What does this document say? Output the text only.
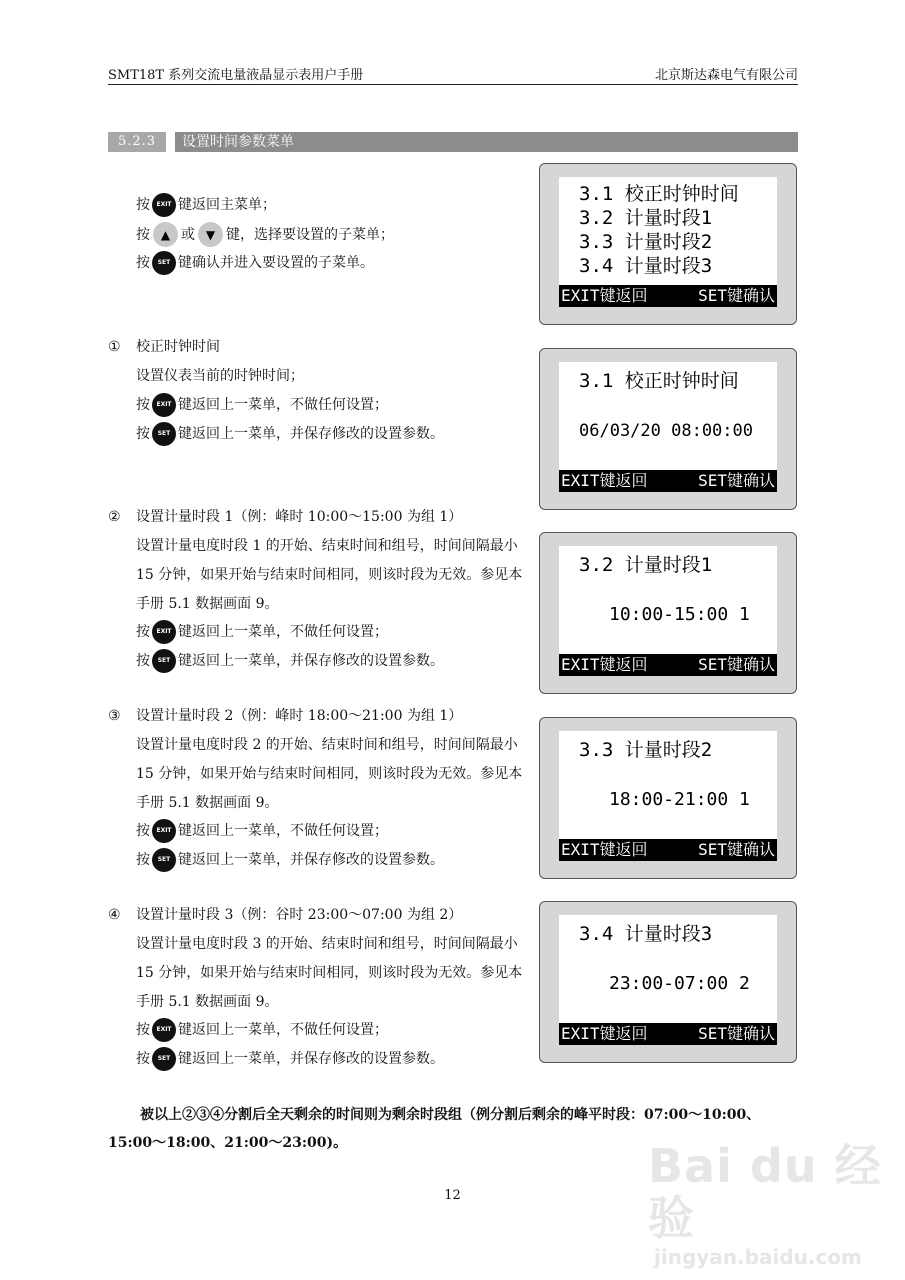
SMT18T 系列交流电量液晶显示表用户手册	北京斯达森电气有限公司
5.2.3	设置时间参数菜单
按	EXIT 键返回主菜单；
按 ▲ 或 ▼ 键，选择要设置的子菜单；
按	SET 键确认并进入要设置的子菜单。
3.1 校正时钟时间
3.2 计量时段1
3.3 计量时段2
3.4 计量时段3
EXIT键返回	SET键确认
① 校正时钟时间
设置仪表当前的时钟时间；
按	EXIT 键返回上一菜单，不做任何设置；
按	SET 键返回上一菜单，并保存修改的设置参数。
3.1 校正时钟时间
06/03/20 08:00:00
EXIT键返回	SET键确认
② 设置计量时段 1（例：峰时 10:00～15:00 为组 1）
设置计量电度时段 1 的开始、结束时间和组号，时间间隔最小 15 分钟，如果开始与结束时间相同，则该时段为无效。参见本手册 5.1 数据画面 9。
按	EXIT 键返回上一菜单，不做任何设置；
按	SET 键返回上一菜单，并保存修改的设置参数。
3.2 计量时段1
10:00-15:00 1
EXIT键返回	SET键确认
③ 设置计量时段 2（例：峰时 18:00～21:00 为组 1）
设置计量电度时段 2 的开始、结束时间和组号，时间间隔最小 15 分钟，如果开始与结束时间相同，则该时段为无效。参见本手册 5.1 数据画面 9。
按	EXIT 键返回上一菜单，不做任何设置；
按	SET 键返回上一菜单，并保存修改的设置参数。
3.3 计量时段2
18:00-21:00 1
EXIT键返回	SET键确认
④ 设置计量时段 3（例：谷时 23:00～07:00 为组 2）
设置计量电度时段 3 的开始、结束时间和组号，时间间隔最小 15 分钟，如果开始与结束时间相同，则该时段为无效。参见本手册 5.1 数据画面 9。
按	EXIT 键返回上一菜单，不做任何设置；
按	SET 键返回上一菜单，并保存修改的设置参数。
3.4 计量时段3
23:00-07:00 2
EXIT键返回	SET键确认
被以上②③④分割后全天剩余的时间则为剩余时段组（例分割后剩余的峰平时段：07:00～10:00、15:00～18:00、21:00～23:00)。
12
Bai du 经验
jingyan.baidu.com
